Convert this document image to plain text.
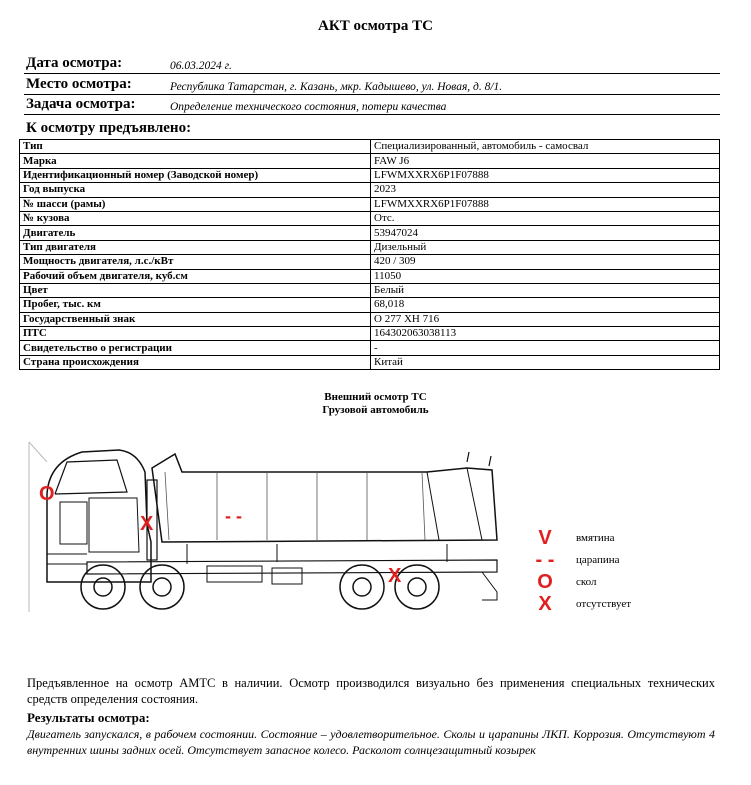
АКТ осмотра ТС
Дата осмотра:	06.03.2024 г.
Место осмотра:	Республика Татарстан, г. Казань, мкр. Кадышево, ул. Новая, д. 8/1.
Задача осмотра:	Определение технического состояния, потери качества
К осмотру предъявлено:
Тип	Специализированный, автомобиль - самосвал
Марка	FAW J6
Идентификационный номер (Заводской номер)	LFWMXXRX6P1F07888
Год выпуска	2023
№ шасси (рамы)	LFWMXXRX6P1F07888
№ кузова	Отс.
Двигатель	53947024
Тип двигателя	Дизельный
Мощность двигателя, л.с./кВт	420 / 309
Рабочий объем двигателя, куб.см	11050
Цвет	Белый
Пробег, тыс. км	68,018
Государственный знак	О 277 ХН 716
ПТС	164302063038113
Свидетельство о регистрации	-
Страна происхождения	Китай
Внешний осмотр ТС
Грузовой автомобиль
O
X	- -
X
V	вмятина
- -	царапина
O	скол
X	отсутствует
Предъявленное на осмотр АМТС в наличии. Осмотр производился визуально без применения специальных технических средств определения состояния.
Результаты осмотра:
Двигатель запускался, в рабочем состоянии. Состояние – удовлетворительное. Сколы и царапины ЛКП. Коррозия. Отсутствуют 4 внутренних шины задних осей. Отсутствует запасное колесо. Расколот солнцезащитный козырек
